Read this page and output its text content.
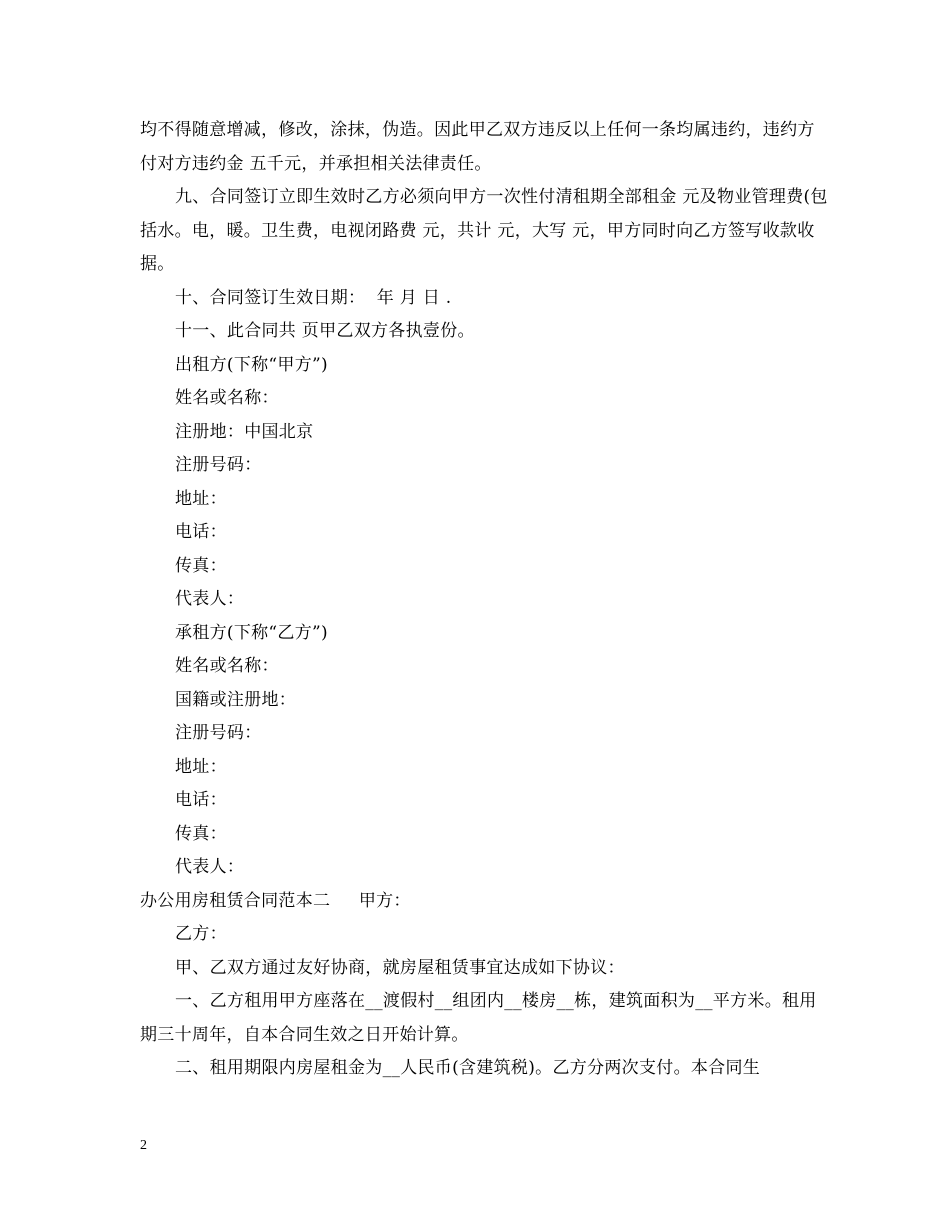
均不得随意增减，修改，涂抹，伪造。因此甲乙双方违反以上任何一条均属违约，违约方付对方违约金 五千元，并承担相关法律责任。

九、合同签订立即生效时乙方必须向甲方一次性付清租期全部租金 元及物业管理费(包括水。电，暖。卫生费，电视闭路费 元，共计 元，大写 元，甲方同时向乙方签写收款收据。

十、合同签订生效日期：  年 月 日 .

十一、此合同共 页甲乙双方各执壹份。

出租方(下称“甲方”)

姓名或名称：

注册地：中国北京

注册号码：

地址：

电话：

传真：

代表人：

承租方(下称“乙方”)

姓名或名称：

国籍或注册地：

注册号码：

地址：

电话：

传真：

代表人：

办公用房租赁合同范本二     甲方：

乙方：

甲、乙双方通过友好协商，就房屋租赁事宜达成如下协议：

一、乙方租用甲方座落在__渡假村__组团内__楼房__栋，建筑面积为__平方米。租用期三十周年，自本合同生效之日开始计算。

二、租用期限内房屋租金为__人民币(含建筑税)。乙方分两次支付。本合同生

2
